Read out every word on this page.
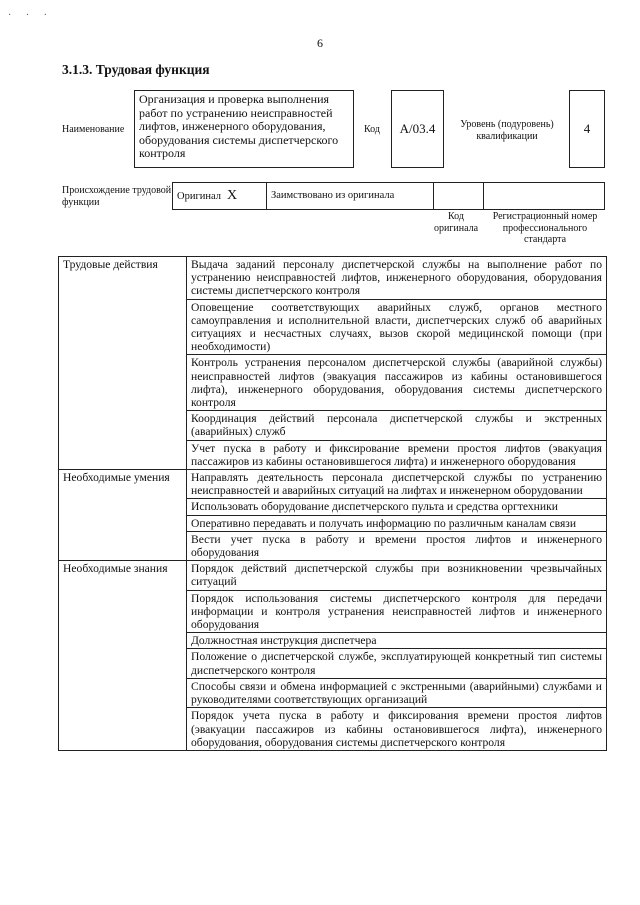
· · ·
6
3.1.3. Трудовая функция
Наименование
Организация и проверка выполнения работ по устранению неисправностей лифтов, инженерного оборудования, оборудования системы диспетчерского контроля
Код	A/03.4	Уровень (подуровень) квалификации	4
Происхождение трудовой функции	Оригинал X	Заимствовано из оригинала
Код оригинала
Регистрационный номер профессионального стандарта
Трудовые действия	Выдача заданий персоналу диспетчерской службы на выполнение работ по устранению неисправностей лифтов, инженерного оборудования, оборудования системы диспетчерского контроля
	Оповещение соответствующих аварийных служб, органов местного самоуправления и исполнительной власти, диспетчерских служб об аварийных ситуациях и несчастных случаях, вызов скорой медицинской помощи (при необходимости)
	Контроль устранения персоналом диспетчерской службы (аварийной службы) неисправностей лифтов (эвакуация пассажиров из кабины остановившегося лифта), инженерного оборудования, оборудования системы диспетчерского контроля
	Координация действий персонала диспетчерской службы и экстренных (аварийных) служб
	Учет пуска в работу и фиксирование времени простоя лифтов (эвакуация пассажиров из кабины остановившегося лифта) и инженерного оборудования
Необходимые умения	Направлять деятельность персонала диспетчерской службы по устранению неисправностей и аварийных ситуаций на лифтах и инженерном оборудовании
	Использовать оборудование диспетчерского пульта и средства оргтехники
	Оперативно передавать и получать информацию по различным каналам связи
	Вести учет пуска в работу и времени простоя лифтов и инженерного оборудования
Необходимые знания	Порядок действий диспетчерской службы при возникновении чрезвычайных ситуаций
	Порядок использования системы диспетчерского контроля для передачи информации и контроля устранения неисправностей лифтов и инженерного оборудования
	Должностная инструкция диспетчера
	Положение о диспетчерской службе, эксплуатирующей конкретный тип системы диспетчерского контроля
	Способы связи и обмена информацией с экстренными (аварийными) службами и руководителями соответствующих организаций
	Порядок учета пуска в работу и фиксирования времени простоя лифтов (эвакуации пассажиров из кабины остановившегося лифта), инженерного оборудования, оборудования системы диспетчерского контроля
